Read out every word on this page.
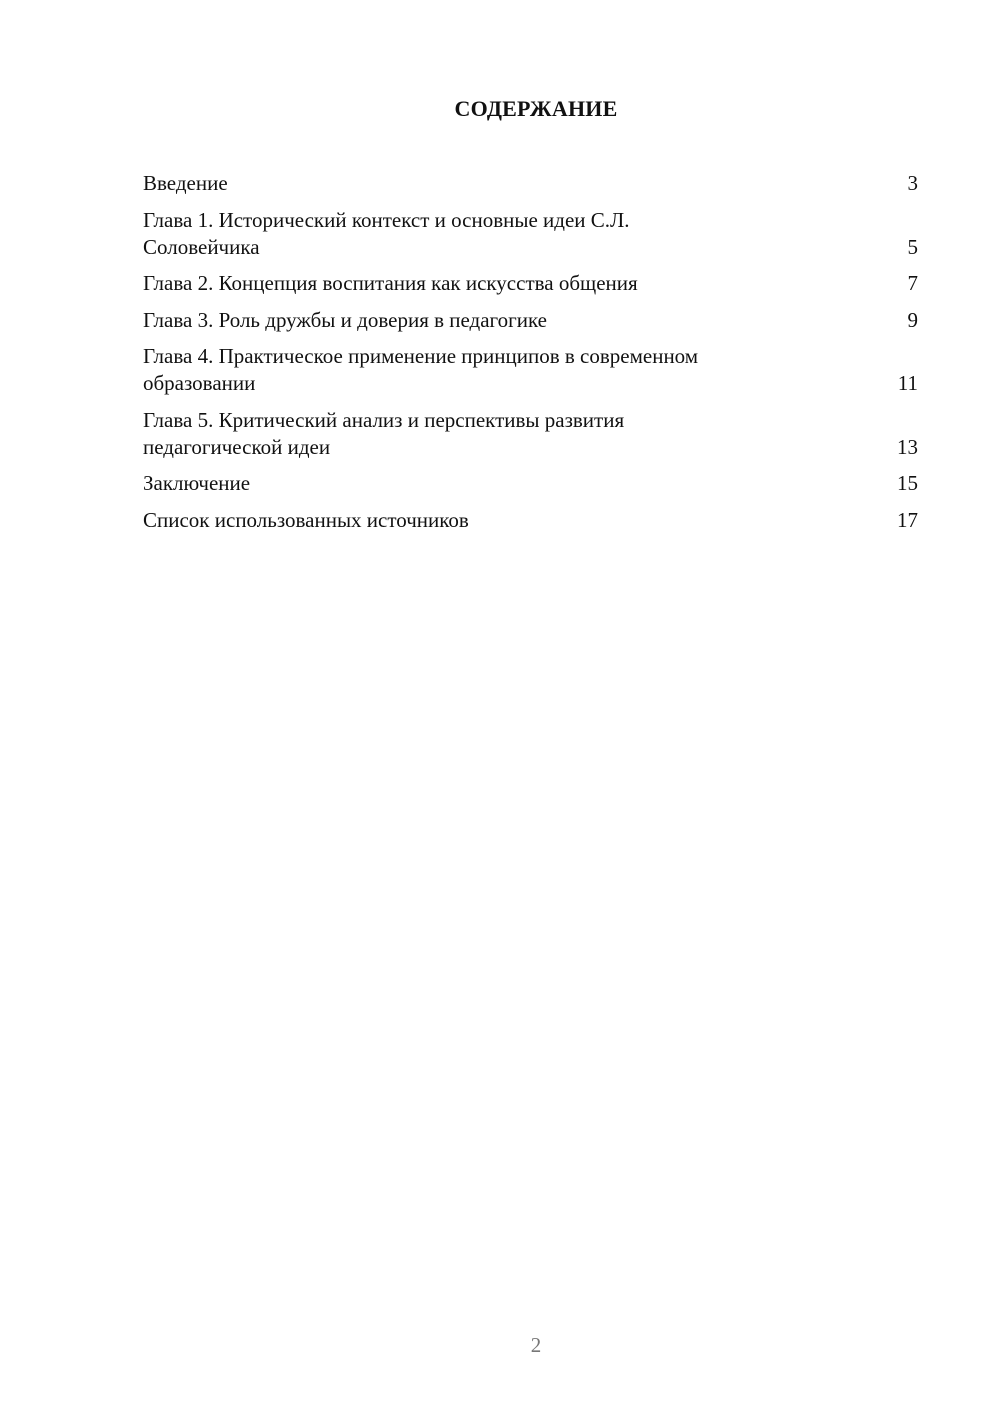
СОДЕРЖАНИЕ
Введение	3
Глава 1. Исторический контекст и основные идеи С.Л. Соловейчика	5
Глава 2. Концепция воспитания как искусства общения	7
Глава 3. Роль дружбы и доверия в педагогике	9
Глава 4. Практическое применение принципов в современном образовании	11
Глава 5. Критический анализ и перспективы развития педагогической идеи	13
Заключение	15
Список использованных источников	17
2
